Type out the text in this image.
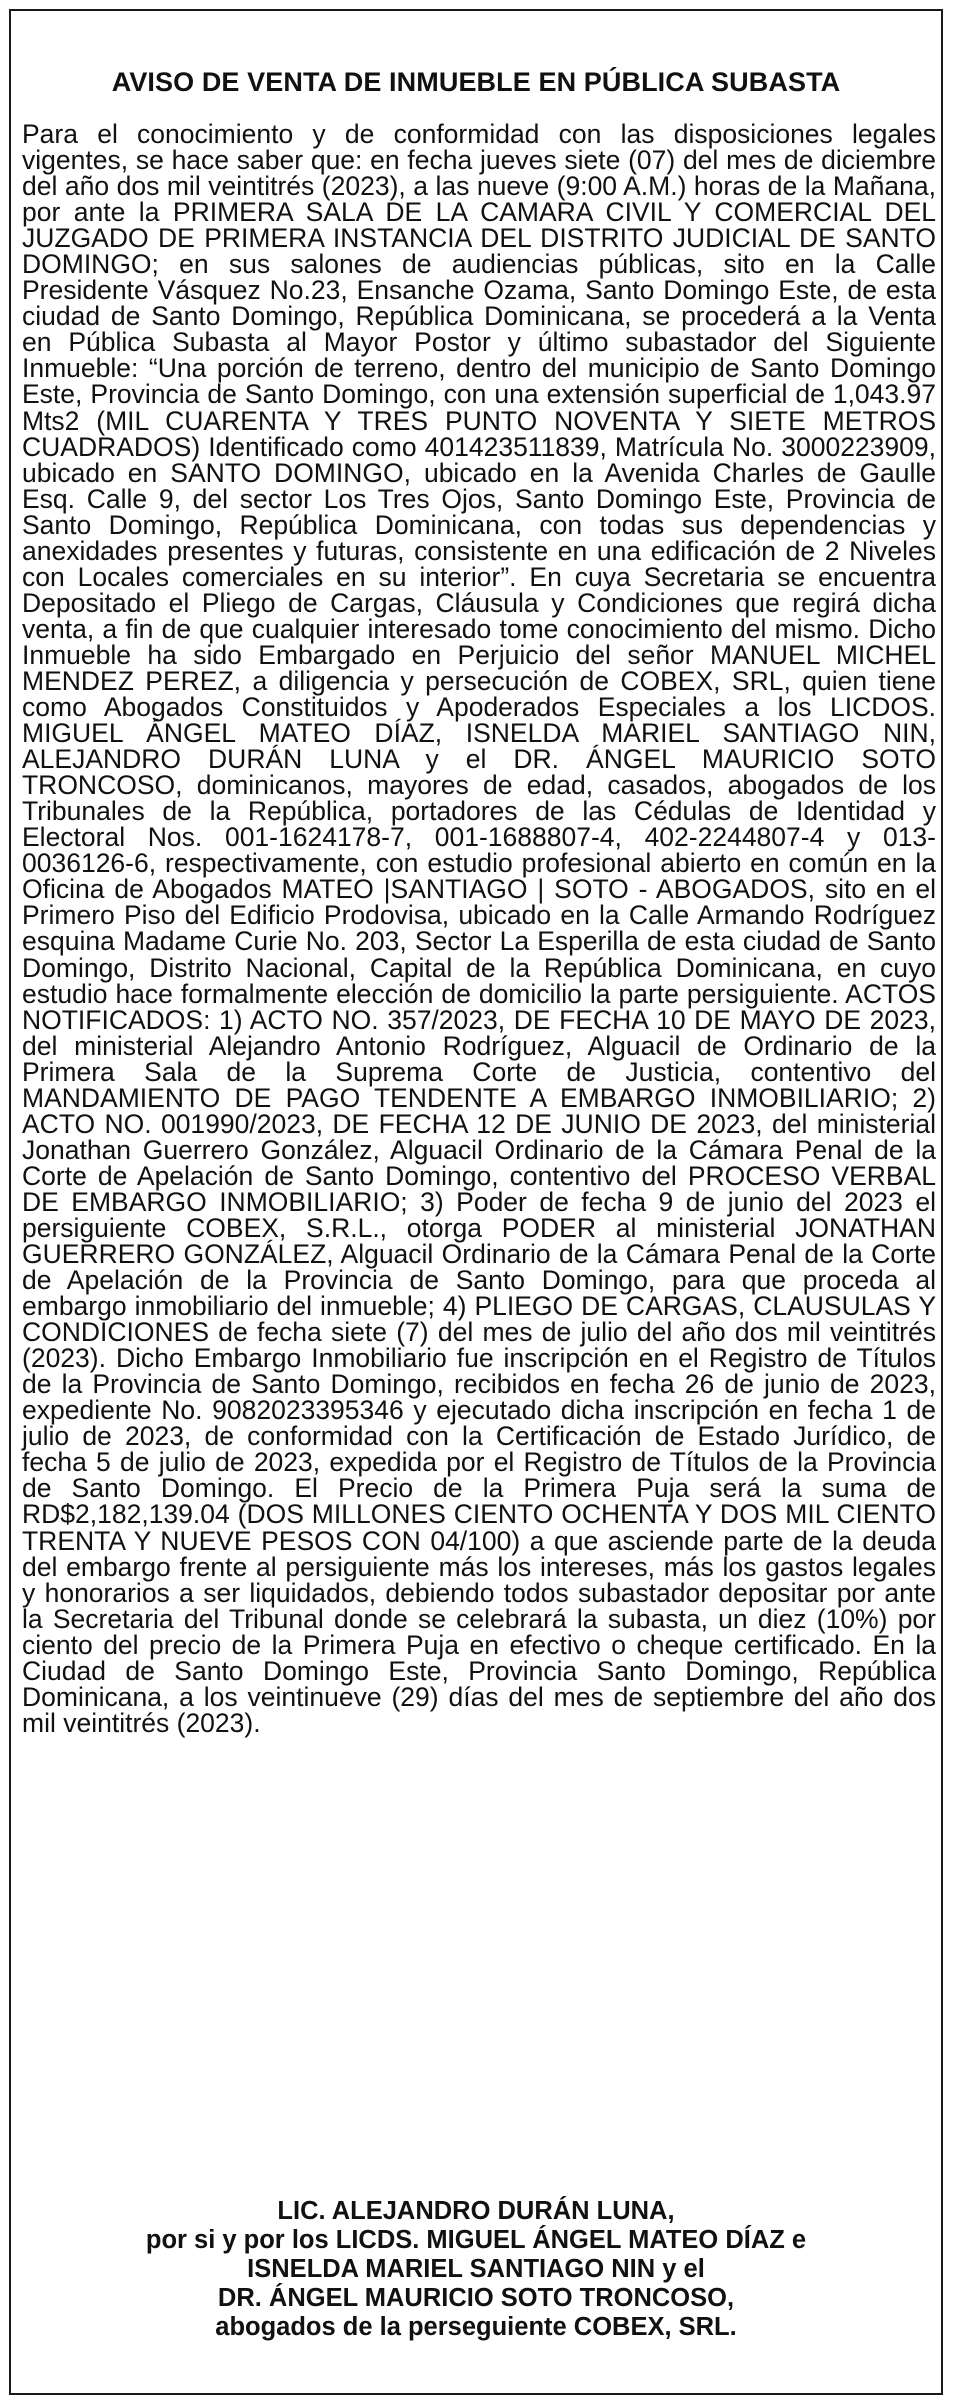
AVISO DE VENTA DE INMUEBLE EN PÚBLICA SUBASTA

Para el conocimiento y de conformidad con las disposiciones legales vigentes, se hace saber que: en fecha jueves siete (07) del mes de diciembre del año dos mil veintitrés (2023), a las nueve (9:00 A.M.) horas de la Mañana, por ante la PRIMERA SALA DE LA CAMARA CIVIL Y COMERCIAL DEL JUZGADO DE PRIMERA INSTANCIA DEL DISTRITO JUDICIAL DE SANTO DOMINGO; en sus salones de audiencias públicas, sito en la Calle Presidente Vásquez No.23, Ensanche Ozama, Santo Domingo Este, de esta ciudad de Santo Domingo, República Dominicana, se procederá a la Venta en Pública Subasta al Mayor Postor y último subastador del Siguiente Inmueble: “Una porción de terreno, dentro del municipio de Santo Domingo Este, Provincia de Santo Domingo, con una extensión superficial de 1,043.97 Mts2 (MIL CUARENTA Y TRES PUNTO NOVENTA Y SIETE METROS CUADRADOS) Identificado como 401423511839, Matrícula No. 3000223909, ubicado en SANTO DOMINGO, ubicado en la Avenida Charles de Gaulle Esq. Calle 9, del sector Los Tres Ojos, Santo Domingo Este, Provincia de Santo Domingo, República Dominicana, con todas sus dependencias y anexidades presentes y futuras, consistente en una edificación de 2 Niveles con Locales comerciales en su interior”. En cuya Secretaria se encuentra Depositado el Pliego de Cargas, Cláusula y Condiciones que regirá dicha venta, a fin de que cualquier interesado tome conocimiento del mismo. Dicho Inmueble ha sido Embargado en Perjuicio del señor MANUEL MICHEL MENDEZ PEREZ, a diligencia y persecución de COBEX, SRL, quien tiene como Abogados Constituidos y Apoderados Especiales a los LICDOS. MIGUEL ÁNGEL MATEO DÍAZ, ISNELDA MARIEL SANTIAGO NIN, ALEJANDRO DURÁN LUNA y el DR. ÁNGEL MAURICIO SOTO TRONCOSO, dominicanos, mayores de edad, casados, abogados de los Tribunales de la República, portadores de las Cédulas de Identidad y Electoral Nos. 001-1624178-7, 001-1688807-4, 402-2244807-4 y 013-0036126-6, respectivamente, con estudio profesional abierto en común en la Oficina de Abogados MATEO |SANTIAGO | SOTO - ABOGADOS, sito en el Primero Piso del Edificio Prodovisa, ubicado en la Calle Armando Rodríguez esquina Madame Curie No. 203, Sector La Esperilla de esta ciudad de Santo Domingo, Distrito Nacional, Capital de la República Dominicana, en cuyo estudio hace formalmente elección de domicilio la parte persiguiente. ACTOS NOTIFICADOS: 1) ACTO NO. 357/2023, DE FECHA 10 DE MAYO DE 2023, del ministerial Alejandro Antonio Rodríguez, Alguacil de Ordinario de la Primera Sala de la Suprema Corte de Justicia, contentivo del MANDAMIENTO DE PAGO TENDENTE A EMBARGO INMOBILIARIO; 2) ACTO NO. 001990/2023, DE FECHA 12 DE JUNIO DE 2023, del ministerial Jonathan Guerrero González, Alguacil Ordinario de la Cámara Penal de la Corte de Apelación de Santo Domingo, contentivo del PROCESO VERBAL DE EMBARGO INMOBILIARIO; 3) Poder de fecha 9 de junio del 2023 el persiguiente COBEX, S.R.L., otorga PODER al ministerial JONATHAN GUERRERO GONZÁLEZ, Alguacil Ordinario de la Cámara Penal de la Corte de Apelación de la Provincia de Santo Domingo, para que proceda al embargo inmobiliario del inmueble; 4) PLIEGO DE CARGAS, CLAUSULAS Y CONDICIONES de fecha siete (7) del mes de julio del año dos mil veintitrés (2023). Dicho Embargo Inmobiliario fue inscripción en el Registro de Títulos de la Provincia de Santo Domingo, recibidos en fecha 26 de junio de 2023, expediente No. 9082023395346 y ejecutado dicha inscripción en fecha 1 de julio de 2023, de conformidad con la Certificación de Estado Jurídico, de fecha 5 de julio de 2023, expedida por el Registro de Títulos de la Provincia de Santo Domingo. El Precio de la Primera Puja será la suma de RD$2,182,139.04 (DOS MILLONES CIENTO OCHENTA Y DOS MIL CIENTO TRENTA Y NUEVE PESOS CON 04/100) a que asciende parte de la deuda del embargo frente al persiguiente más los intereses, más los gastos legales y honorarios a ser liquidados, debiendo todos subastador depositar por ante la Secretaria del Tribunal donde se celebrará la subasta, un diez (10%) por ciento del precio de la Primera Puja en efectivo o cheque certificado. En la Ciudad de Santo Domingo Este, Provincia Santo Domingo, República Dominicana, a los veintinueve (29) días del mes de septiembre del año dos mil veintitrés (2023).

LIC. ALEJANDRO DURÁN LUNA,
por si y por los LICDS. MIGUEL ÁNGEL MATEO DÍAZ e
ISNELDA MARIEL SANTIAGO NIN y el
DR. ÁNGEL MAURICIO SOTO TRONCOSO,
abogados de la perseguiente COBEX, SRL.
